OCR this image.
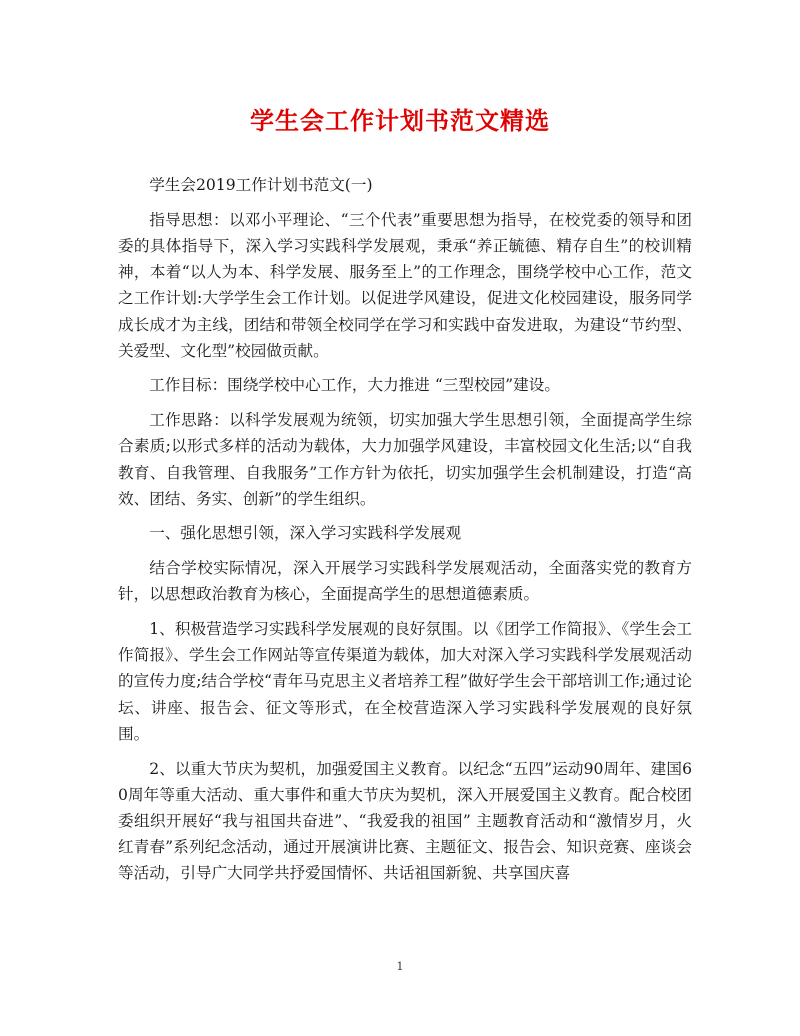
学生会工作计划书范文精选

学生会2019工作计划书范文(一)

指导思想：以邓小平理论、“三个代表”重要思想为指导，在校党委的领导和团委的具体指导下，深入学习实践科学发展观，秉承“养正毓德、精存自生”的校训精神，本着“以人为本、科学发展、服务至上”的工作理念，围绕学校中心工作，范文之工作计划:大学学生会工作计划。以促进学风建设，促进文化校园建设，服务同学成长成才为主线，团结和带领全校同学在学习和实践中奋发进取，为建设“节约型、关爱型、文化型”校园做贡献。

工作目标：围绕学校中心工作，大力推进 “三型校园”建设。

工作思路：以科学发展观为统领，切实加强大学生思想引领，全面提高学生综合素质;以形式多样的活动为载体，大力加强学风建设，丰富校园文化生活;以“自我教育、自我管理、自我服务”工作方针为依托，切实加强学生会机制建设，打造“高效、团结、务实、创新”的学生组织。

一、强化思想引领，深入学习实践科学发展观

结合学校实际情况，深入开展学习实践科学发展观活动，全面落实党的教育方针，以思想政治教育为核心，全面提高学生的思想道德素质。

1、积极营造学习实践科学发展观的良好氛围。以《团学工作简报》、《学生会工作简报》、学生会工作网站等宣传渠道为载体，加大对深入学习实践科学发展观活动的宣传力度;结合学校“青年马克思主义者培养工程”做好学生会干部培训工作;通过论坛、讲座、报告会、征文等形式，在全校营造深入学习实践科学发展观的良好氛围。

2、以重大节庆为契机，加强爱国主义教育。以纪念“五四”运动90周年、建国60周年等重大活动、重大事件和重大节庆为契机，深入开展爱国主义教育。配合校团委组织开展好“我与祖国共奋进”、“我爱我的祖国” 主题教育活动和“激情岁月，火红青春”系列纪念活动，通过开展演讲比赛、主题征文、报告会、知识竞赛、座谈会等活动，引导广大同学共抒爱国情怀、共话祖国新貌、共享国庆喜

1
